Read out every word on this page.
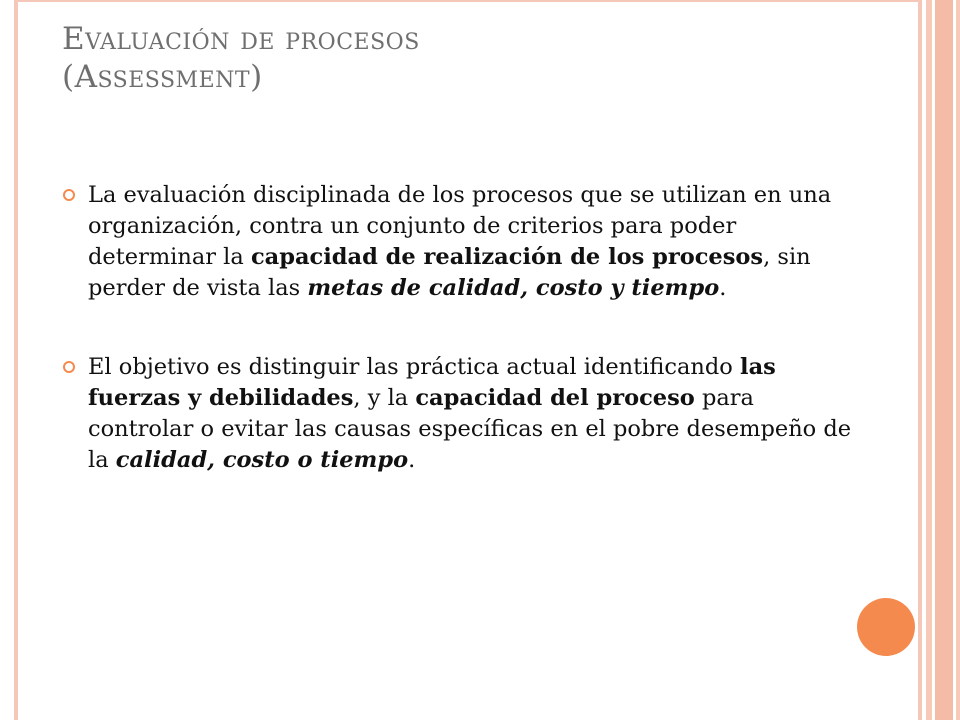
Evaluación de procesos
(Assessment)
La evaluación disciplinada de los procesos que se utilizan en una organización, contra un conjunto de criterios para poder determinar la capacidad de realización de los procesos, sin perder de vista las metas de calidad, costo y tiempo.
El objetivo es distinguir las práctica actual identificando las fuerzas y debilidades, y la capacidad del proceso para controlar o evitar las causas específicas en el pobre desempeño de la calidad, costo o tiempo.
